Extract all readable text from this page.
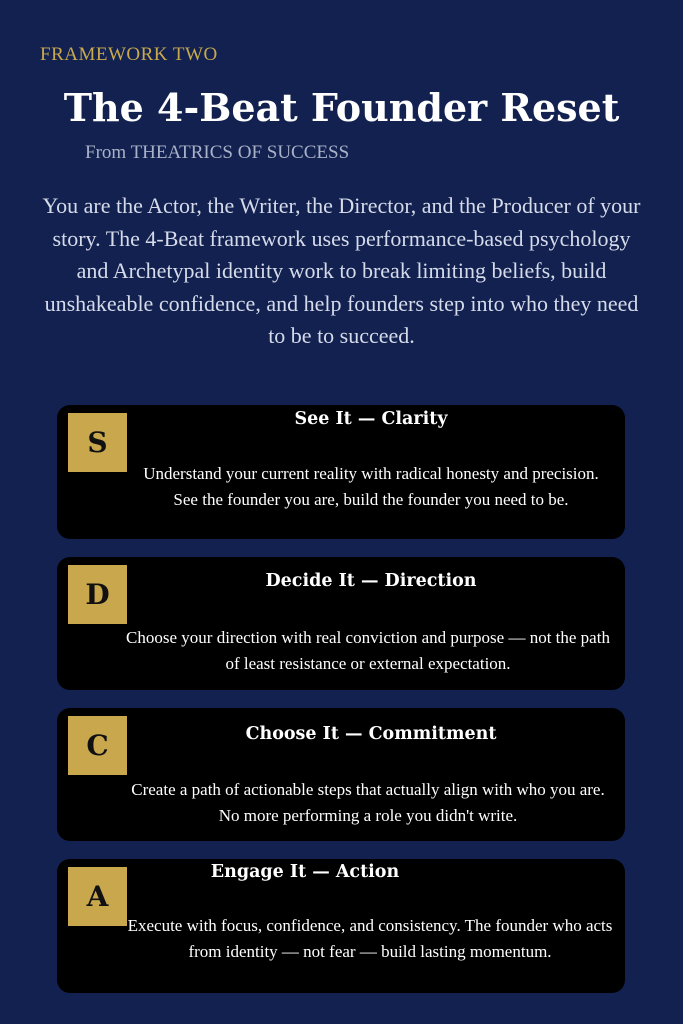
FRAMEWORK TWO
The 4-Beat Founder Reset
From THEATRICS OF SUCCESS

You are the Actor, the Writer, the Director, and the Producer of your story. The 4-Beat framework uses performance-based psychology and Archetypal identity work to break limiting beliefs, build unshakeable confidence, and help founders step into who they need to be to succeed.

S
See It — Clarity
Understand your current reality with radical honesty and precision. See the founder you are, build the founder you need to be.
D	Decide It — Direction
Choose your direction with real conviction and purpose — not the path of least resistance or external expectation.
C	Choose It — Commitment
Create a path of actionable steps that actually align with who you are. No more performing a role you didn't write.
A
Engage It — Action
Execute with focus, confidence, and consistency. The founder who acts from identity — not fear — build lasting momentum.
